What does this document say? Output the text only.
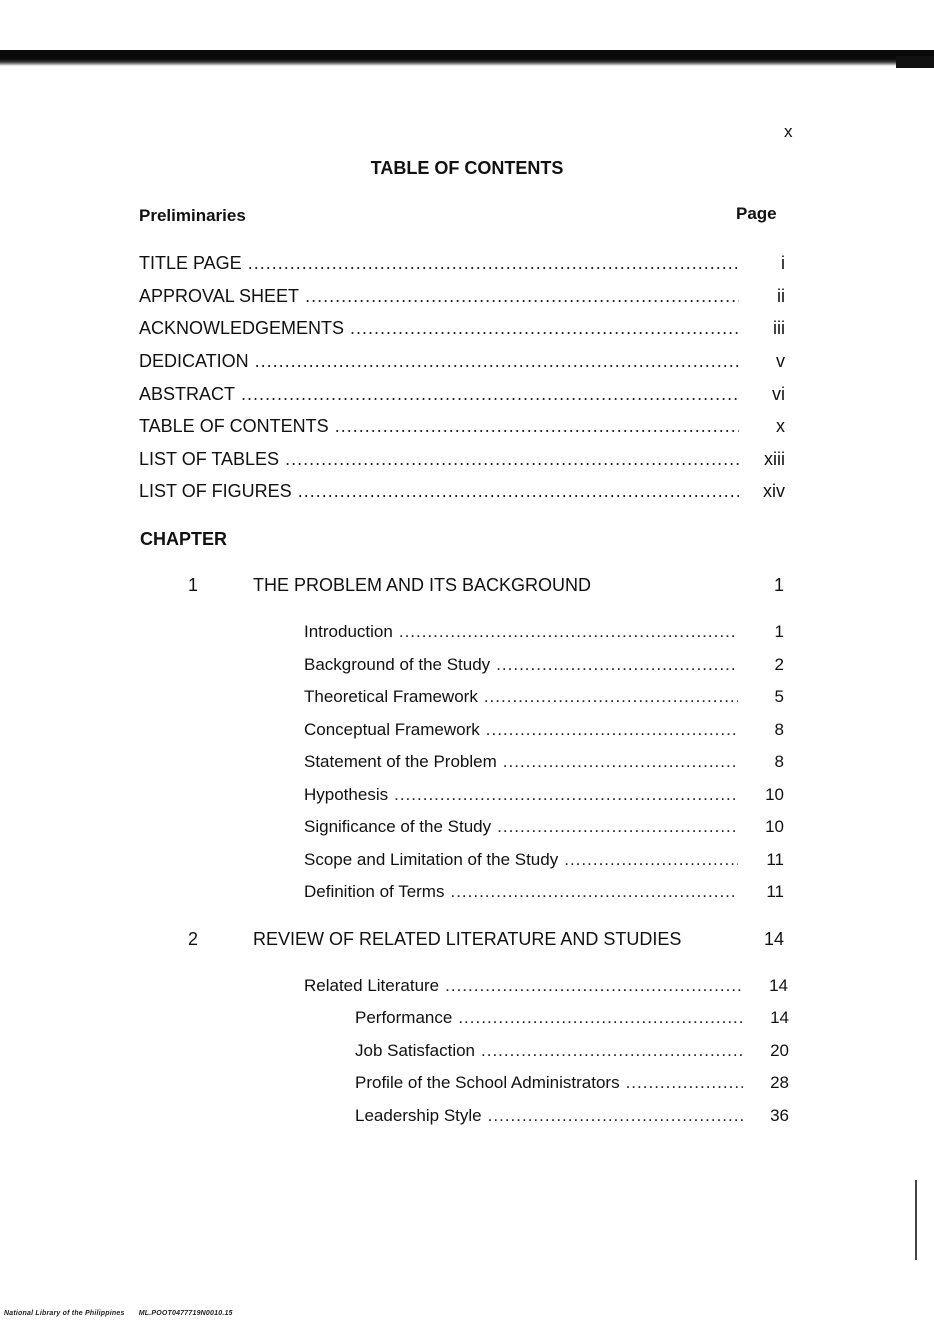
x
TABLE OF CONTENTS
Preliminaries	Page
TITLE PAGE .....	i
APPROVAL SHEET .....	ii
ACKNOWLEDGEMENTS .....	iii
DEDICATION .....	v
ABSTRACT .....	vi
TABLE OF CONTENTS .....	x
LIST OF TABLES .....	xiii
LIST OF FIGURES .....	xiv
CHAPTER
1	THE PROBLEM AND ITS BACKGROUND	1
Introduction .....	1
Background of the Study .....	2
Theoretical Framework .....	5
Conceptual Framework .....	8
Statement of the Problem .....	8
Hypothesis .....	10
Significance of the Study .....	10
Scope and Limitation of the Study .....	11
Definition of Terms .....	11
2	REVIEW OF RELATED LITERATURE AND STUDIES	14
Related Literature .....	14
Performance .....	14
Job Satisfaction .....	20
Profile of the School Administrators .....	28
Leadership Style .....	36
National Library of the Philippines ML.POOT0477719N0010.15
